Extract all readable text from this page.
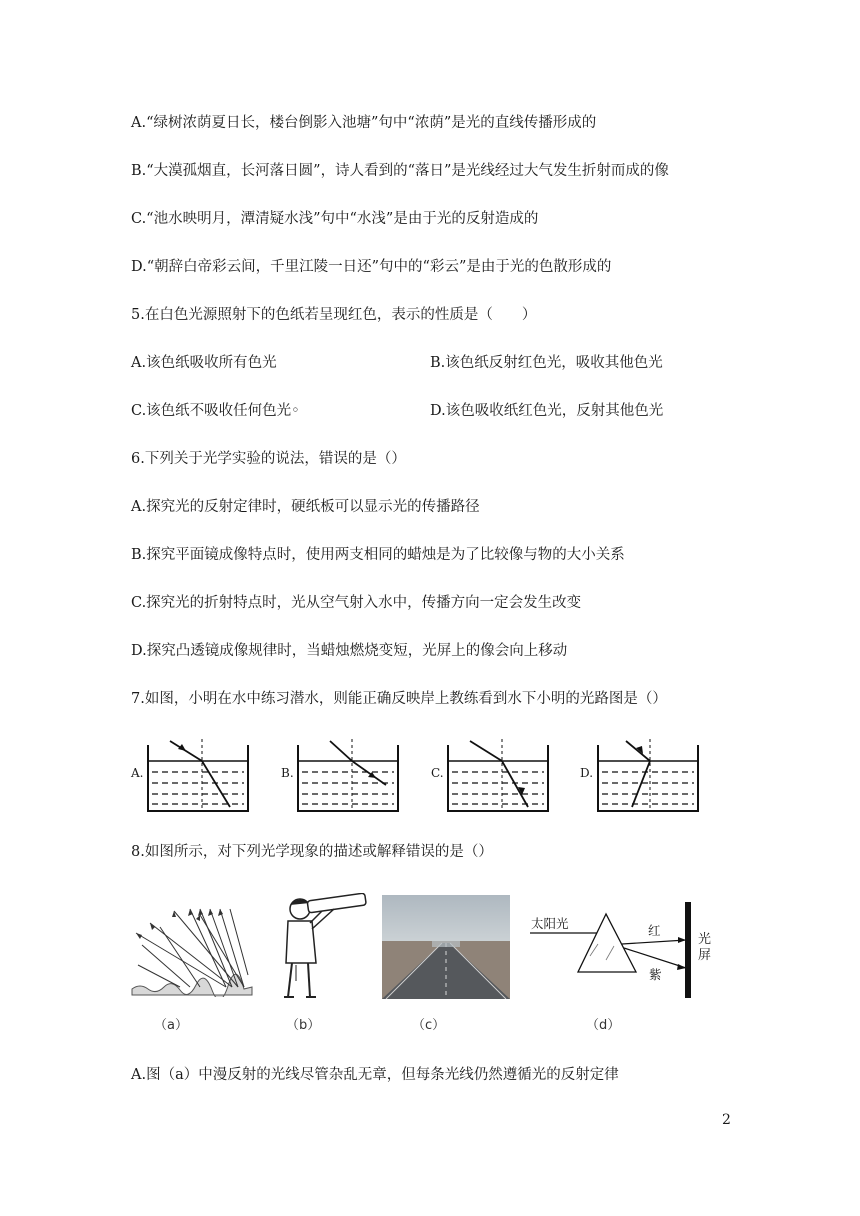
A.“绿树浓荫夏日长，楼台倒影入池塘”句中“浓荫”是光的直线传播形成的
B.“大漠孤烟直，长河落日圆”，诗人看到的“落日”是光线经过大气发生折射而成的像
C.“池水映明月，潭清疑水浅”句中“水浅”是由于光的反射造成的
D.“朝辞白帝彩云间，千里江陵一日还”句中的“彩云”是由于光的色散形成的
5.在白色光源照射下的色纸若呈现红色，表示的性质是（　　）
A.该色纸吸收所有色光	B.该色纸反射红色光，吸收其他色光
C.该色纸不吸收任何色光◦	D.该色吸收纸红色光，反射其他色光
6.下列关于光学实验的说法，错误的是（）
A.探究光的反射定律时，硬纸板可以显示光的传播路径
B.探究平面镜成像特点时，使用两支相同的蜡烛是为了比较像与物的大小关系
C.探究光的折射特点时，光从空气射入水中，传播方向一定会发生改变
D.探究凸透镜成像规律时，当蜡烛燃烧变短，光屏上的像会向上移动
7.如图，小明在水中练习潜水，则能正确反映岸上教练看到水下小明的光路图是（）
A.	B.	C.	D.
8.如图所示，对下列光学现象的描述或解释错误的是（）
（a）	（b）	（c）
太阳光	红
紫
光屏
（d）
A.图（a）中漫反射的光线尽管杂乱无章，但每条光线仍然遵循光的反射定律
2
